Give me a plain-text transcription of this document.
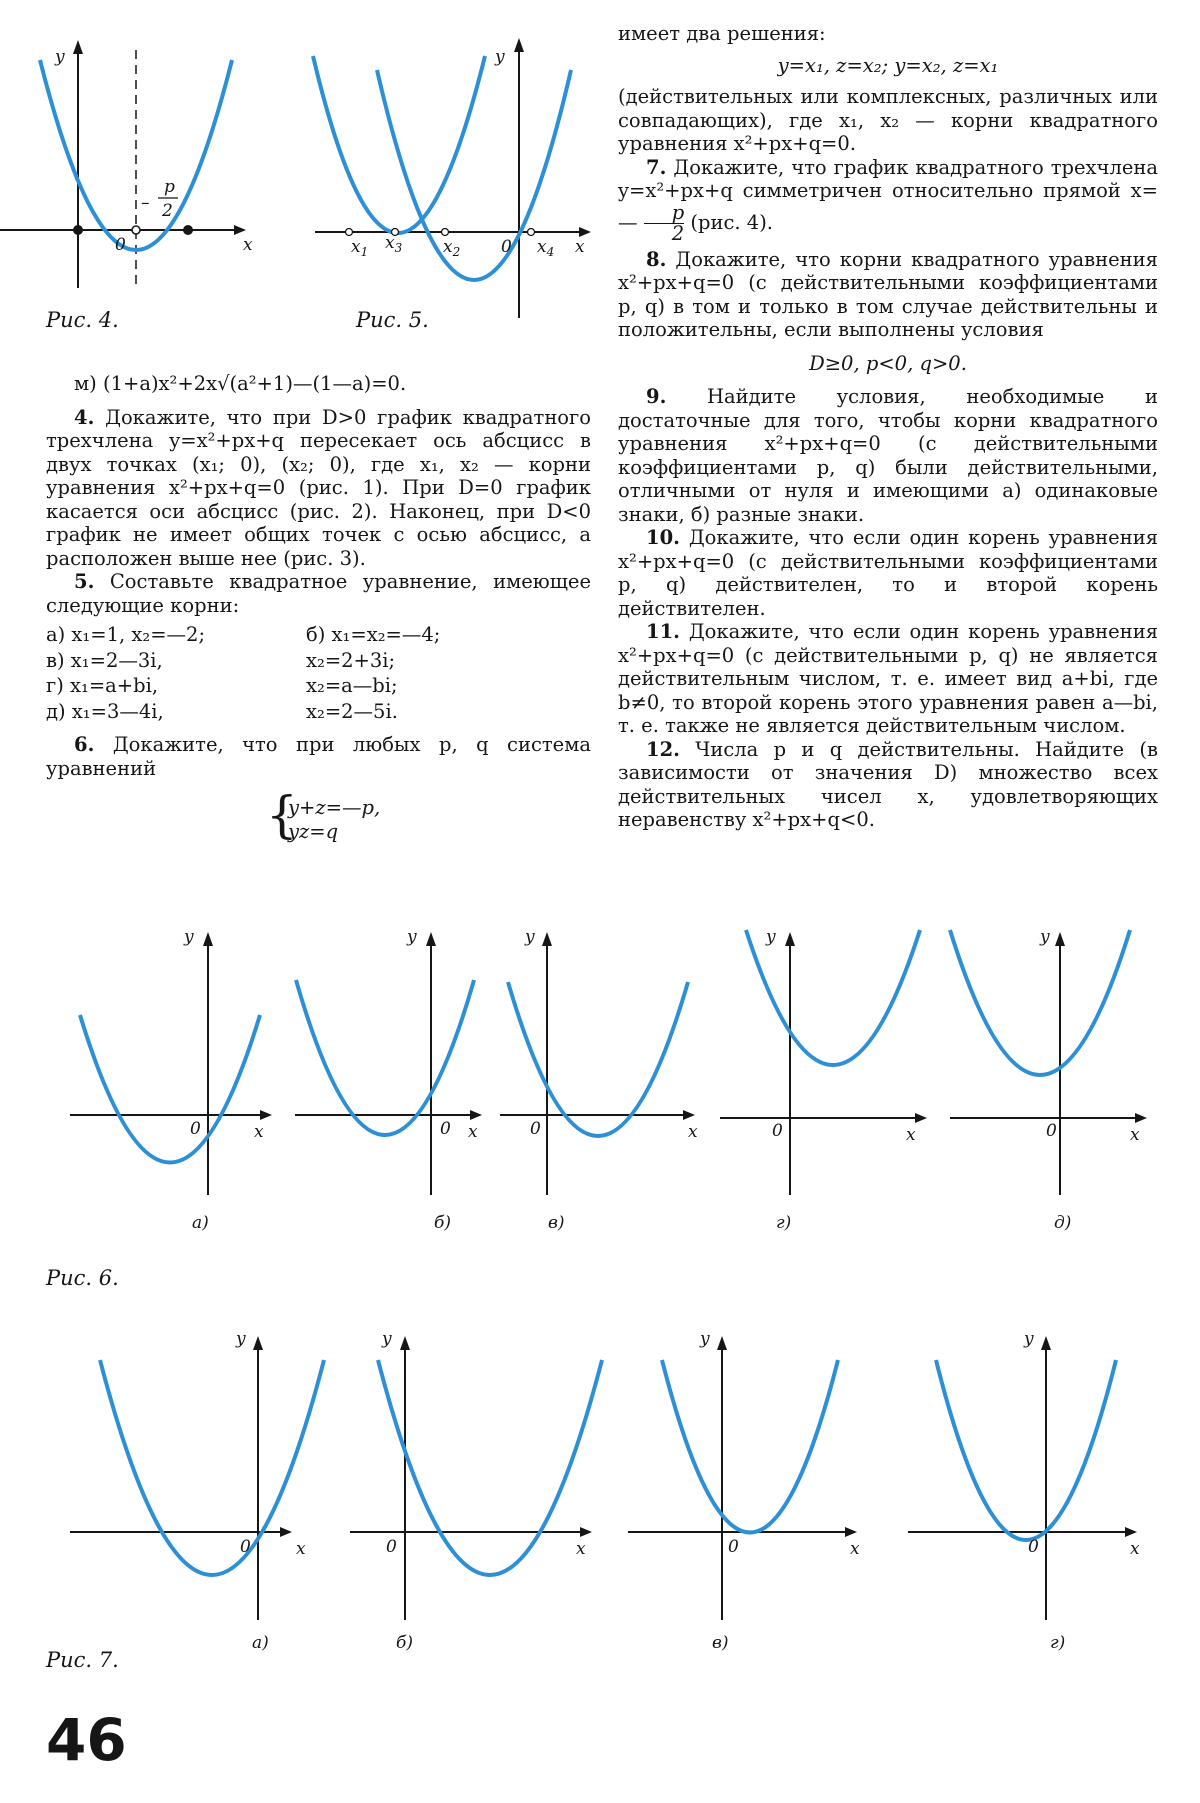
y
x
0
–
p
2
Рис. 4.
y
x
0
$x_1$ $x_3$ $x_2$	$x_4$
Рис. 5.

м) (1+a)x²+2x√(a²+1)—(1—a)=0.

4. Докажите, что при D>0 график квадратного трехчлена y=x²+px+q пересекает ось абсцисс в двух точках (x₁; 0), (x₂; 0), где x₁, x₂ — корни уравнения x²+px+q=0 (рис. 1). При D=0 график касается оси абсцисс (рис. 2). Наконец, при D<0 график не имеет общих точек с осью абсцисс, а расположен выше нее (рис. 3).

5. Составьте квадратное уравнение, имеющее следующие корни:

а) x₁=1, x₂=—2;	б) x₁=x₂=—4;
в) x₁=2—3i,	x₂=2+3i;
г) x₁=a+bi,	x₂=a—bi;
д) x₁=3—4i,	x₂=2—5i.

6. Докажите, что при любых p, q система уравнений

{ y+z=—p,
yz=q

имеет два решения:

y=x₁, z=x₂; y=x₂, z=x₁

(действительных или комплексных, различных или совпадающих), где x₁, x₂ — корни квадратного уравнения x²+px+q=0.

7. Докажите, что график квадратного трехчлена y=x²+px+q симметричен относительно прямой x=— $\frac{p}{2} (рис$. 4).

8. Докажите, что корни квадратного уравнения x²+px+q=0 (с действительными коэффициентами p, q) в том и только в том случае действительны и положительны, если выполнены условия

D≥0, p<0, q>0.

9. Найдите условия, необходимые и достаточные для того, чтобы корни квадратного уравнения x²+px+q=0 (с действительными коэффициентами p, q) были действительными, отличными от нуля и имеющими а) одинаковые знаки, б) разные знаки.

10. Докажите, что если один корень уравнения x²+px+q=0 (с действительными коэффициентами p, q) действителен, то и второй корень действителен.

11. Докажите, что если один корень уравнения x²+px+q=0 (с действительными p, q) не является действительным числом, т. е. имеет вид a+bi, где b≠0, то второй корень этого уравнения равен a—bi, т. е. также не является действительным числом.

12. Числа p и q действительны. Найдите (в зависимости от значения D) множество всех действительных чисел x, удовлетворяющих неравенству x²+px+q<0.

y
x
0
а)
y
x
0
б)
y
x
0
в)
y
x
0
г)
y
x
0
д)
Рис. 6.
y
x
0
а)
y
x
0
б)
y
x
0
в)
y
x
0
г)
Рис. 7.
46
